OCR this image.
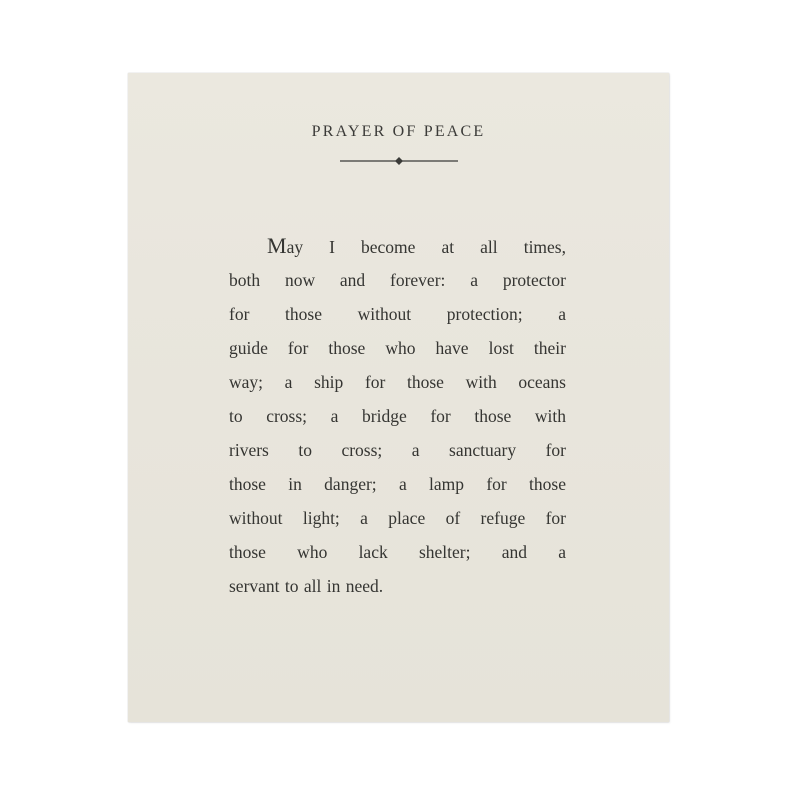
PRAYER OF PEACE
May I become at all times,
both now and forever: a protector
for those without protection; a
guide for those who have lost their
way; a ship for those with oceans
to cross; a bridge for those with
rivers to cross; a sanctuary for
those in danger; a lamp for those
without light; a place of refuge for
those who lack shelter; and a
servant to all in need.
